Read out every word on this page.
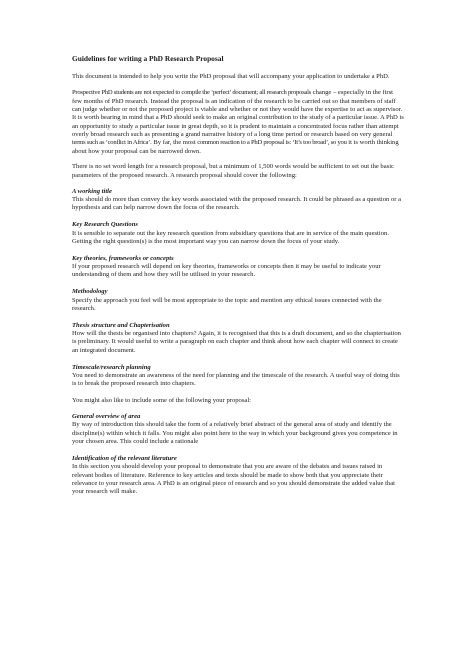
Guidelines for writing a PhD Research Proposal

This document is intended to help you write the PhD proposal that will accompany your application to undertake a PhD.

Prospective PhD students are not expected to compile the ‘perfect’ document; all research proposals change – especially in the first few months of PhD research. Instead the proposal is an indication of the research to be carried out so that members of staff can judge whether or not the proposed project is viable and whether or not they would have the expertise to act as supervisor. It is worth bearing in mind that a PhD should seek to make an original contribution to the study of a particular issue. A PhD is an opportunity to study a particular issue in great depth, so it is prudent to maintain a concentrated focus rather than attempt overly broad research such as presenting a grand narrative history of a long time period or research based on very general terms such as ‘conflict in Africa’. By far, the most common reaction to a PhD proposal is: ‘It’s too broad’, so you it is worth thinking about how your proposal can be narrowed down.

There is no set word length for a research proposal, but a minimum of 1,500 words would be sufficient to set out the basic parameters of the proposed research. A research proposal should cover the following:

A working title

This should do more than convey the key words associated with the proposed research. It could be phrased as a question or a hypothesis and can help narrow down the focus of the research.

Key Research Questions

It is sensible to separate out the key research question from subsidiary questions that are in service of the main question. Getting the right question(s) is the most important way you can narrow down the focus of your study.

Key theories, frameworks or concepts

If your proposed research will depend on key theories, frameworks or concepts then it may be useful to indicate your understanding of them and how they will be utilised in your research.

Methodology

Specify the approach you feel will be most appropriate to the topic and mention any ethical issues connected with the research.

Thesis structure and Chapterisation

How will the thesis be organised into chapters? Again, it is recognised that this is a draft document, and so the chapterisation is preliminary. It would useful to write a paragraph on each chapter and think about how each chapter will connect to create an integrated document.

Timescale/research planning

You need to demonstrate an awareness of the need for planning and the timescale of the research. A useful way of doing this is to break the proposed research into chapters.

You might also like to include some of the following your proposal:

General overview of area

By way of introduction this should take the form of a relatively brief abstract of the general area of study and identify the discipline(s) within which it falls. You might also point here to the way in which your background gives you competence in your chosen area. This could include a rationale

Identification of the relevant literature

In this section you should develop your proposal to demonstrate that you are aware of the debates and issues raised in relevant bodies of literature. Reference to key articles and texts should be made to show both that you appreciate their relevance to your research area. A PhD is an original piece of research and so you should demonstrate the added value that your research will make.
